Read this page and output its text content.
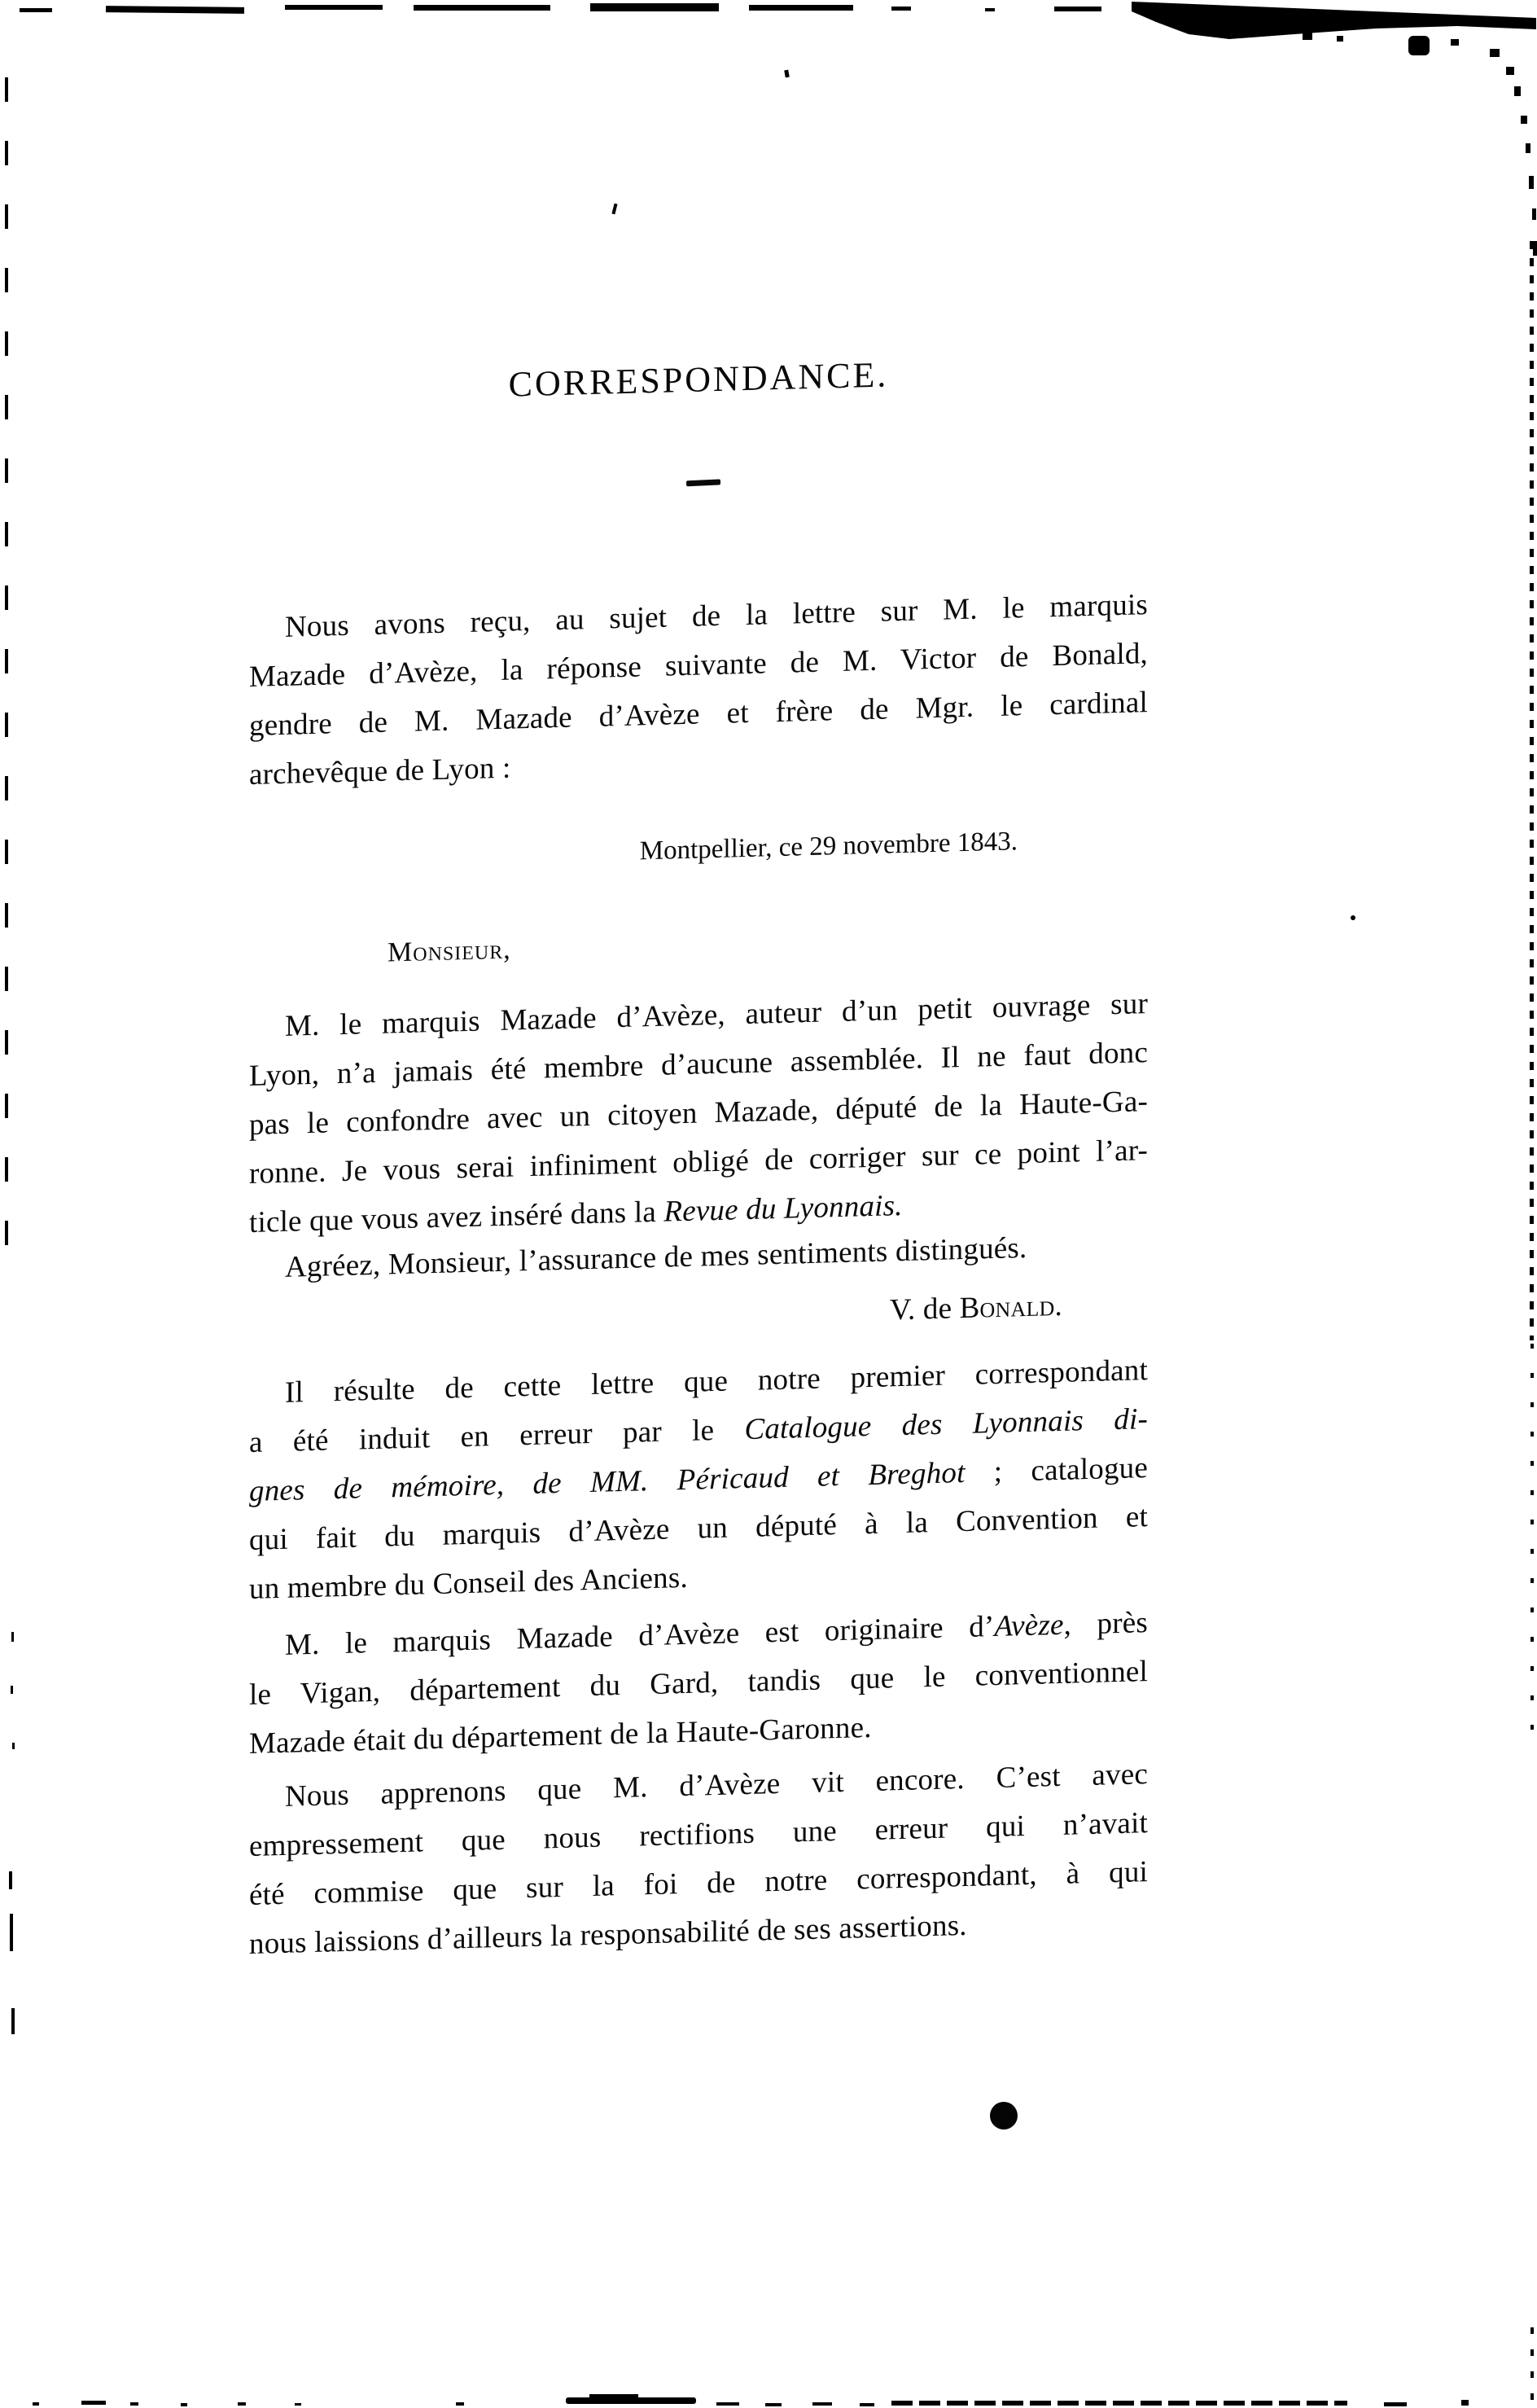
CORRESPONDANCE.
Nous avons reçu, au sujet de la lettre sur M. le marquis
Mazade d’Avèze, la réponse suivante de M. Victor de Bonald,
gendre de M. Mazade d’Avèze et frère de Mgr. le cardinal
archevêque de Lyon :
Montpellier, ce 29 novembre 1843.
Monsieur,
M. le marquis Mazade d’Avèze, auteur d’un petit ouvrage sur
Lyon, n’a jamais été membre d’aucune assemblée. Il ne faut donc
pas le confondre avec un citoyen Mazade, député de la Haute-Ga-
ronne. Je vous serai infiniment obligé de corriger sur ce point l’ar-
ticle que vous avez inséré dans la Revue du Lyonnais.
Agréez, Monsieur, l’assurance de mes sentiments distingués.
V. de Bonald.
Il résulte de cette lettre que notre premier correspondant
a été induit en erreur par le Catalogue des Lyonnais di-
gnes de mémoire, de MM. Péricaud et Breghot ; catalogue
qui fait du marquis d’Avèze un député à la Convention et
un membre du Conseil des Anciens.
M. le marquis Mazade d’Avèze est originaire d’Avèze, près
le Vigan, département du Gard, tandis que le conventionnel
Mazade était du département de la Haute-Garonne.
Nous apprenons que M. d’Avèze vit encore. C’est avec
empressement que nous rectifions une erreur qui n’avait
été commise que sur la foi de notre correspondant, à qui
nous laissions d’ailleurs la responsabilité de ses assertions.
